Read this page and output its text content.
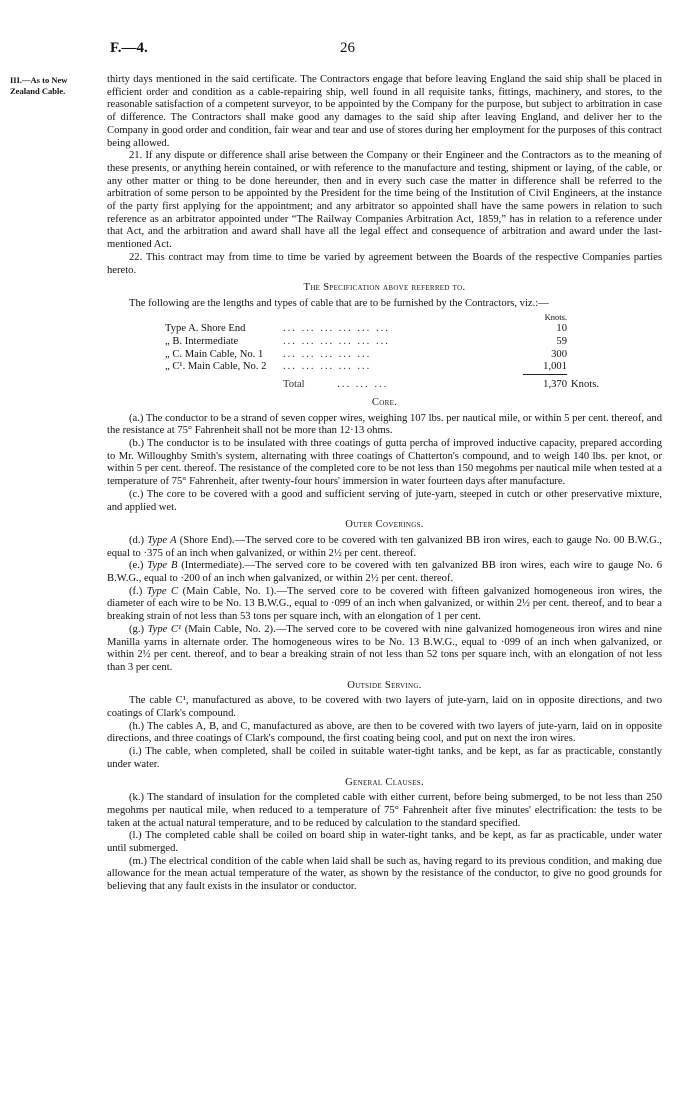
F.—4.	26
III.—As to New Zealand Cable.

thirty days mentioned in the said certificate. The Contractors engage that before leaving England the said ship shall be placed in efficient order and condition as a cable-repairing ship, well found in all requisite tanks, fittings, machinery, and stores, to the reasonable satisfaction of a competent surveyor, to be appointed by the Company for the purpose, but subject to arbitration in case of difference. The Contractors shall make good any damages to the said ship after leaving England, and deliver her to the Company in good order and condition, fair wear and tear and use of stores during her employment for the purposes of this contract being allowed.

21. If any dispute or difference shall arise between the Company or their Engineer and the Contractors as to the meaning of these presents, or anything herein contained, or with reference to the manufacture and testing, shipment or laying, of the cable, or any other matter or thing to be done hereunder, then and in every such case the matter in difference shall be referred to the arbitration of some person to be appointed by the President for the time being of the Institution of Civil Engineers, at the instance of the party first applying for the appointment; and any arbitrator so appointed shall have the same powers in relation to such reference as an arbitrator appointed under “The Railway Companies Arbitration Act, 1859,” has in relation to a reference under that Act, and the arbitration and award shall have all the legal effect and consequence of arbitration and award under the last-mentioned Act.

22. This contract may from time to time be varied by agreement between the Boards of the respective Companies parties hereto.

The Specification above referred to.

The following are the lengths and types of cable that are to be furnished by the Contractors, viz.:—

		Knots.	
Type A. Shore End	... ... ... ... ... ...	10	
„ B. Intermediate	... ... ... ... ... ...	59	
„ C. Main Cable, No. 1	... ... ... ... ...	300	
„ C¹. Main Cable, No. 2	... ... ... ... ...	1,001	
	Total ... ... ...	1,370	Knots.

Core.

(a.) The conductor to be a strand of seven copper wires, weighing 107 lbs. per nautical mile, or within 5 per cent. thereof, and the resistance at 75° Fahrenheit shall not be more than 12·13 ohms.

(b.) The conductor is to be insulated with three coatings of gutta percha of improved inductive capacity, prepared according to Mr. Willoughby Smith's system, alternating with three coatings of Chatterton's compound, and to weigh 140 lbs. per knot, or within 5 per cent. thereof. The resistance of the completed core to be not less than 150 megohms per nautical mile when tested at a temperature of 75° Fahrenheit, after twenty-four hours' immersion in water fourteen days after manufacture.

(c.) The core to be covered with a good and sufficient serving of jute-yarn, steeped in cutch or other preservative mixture, and applied wet.

Outer Coverings.

(d.) Type A (Shore End).—The served core to be covered with ten galvanized BB iron wires, each to gauge No. 00 B.W.G., equal to ·375 of an inch when galvanized, or within 2½ per cent. thereof.

(e.) Type B (Intermediate).—The served core to be covered with ten galvanized BB iron wires, each wire to gauge No. 6 B.W.G., equal to ·200 of an inch when galvanized, or within 2½ per cent. thereof.

(f.) Type C (Main Cable, No. 1).—The served core to be covered with fifteen galvanized homogeneous iron wires, the diameter of each wire to be No. 13 B.W.G., equal to ·099 of an inch when galvanized, or within 2½ per cent. thereof, and to bear a breaking strain of not less than 53 tons per square inch, with an elongation of 1 per cent.

(g.) Type C¹ (Main Cable, No. 2).—The served core to be covered with nine galvanized homogeneous iron wires and nine Manilla yarns in alternate order. The homogeneous wires to be No. 13 B.W.G., equal to ·099 of an inch when galvanized, or within 2½ per cent. thereof, and to bear a breaking strain of not less than 52 tons per square inch, with an elongation of not less than 3 per cent.

Outside Serving.

The cable C¹, manufactured as above, to be covered with two layers of jute-yarn, laid on in opposite directions, and two coatings of Clark's compound.

(h.) The cables A, B, and C, manufactured as above, are then to be covered with two layers of jute-yarn, laid on in opposite directions, and three coatings of Clark's compound, the first coating being cool, and put on next the iron wires.

(i.) The cable, when completed, shall be coiled in suitable water-tight tanks, and be kept, as far as practicable, constantly under water.

General Clauses.

(k.) The standard of insulation for the completed cable with either current, before being submerged, to be not less than 250 megohms per nautical mile, when reduced to a temperature of 75° Fahrenheit after five minutes' electrification: the tests to be taken at the actual natural temperature, and to be reduced by calculation to the standard specified.

(l.) The completed cable shall be coiled on board ship in water-tight tanks, and be kept, as far as practicable, under water until submerged.

(m.) The electrical condition of the cable when laid shall be such as, having regard to its previous condition, and making due allowance for the mean actual temperature of the water, as shown by the resistance of the conductor, to give no good grounds for believing that any fault exists in the insulator or conductor.
